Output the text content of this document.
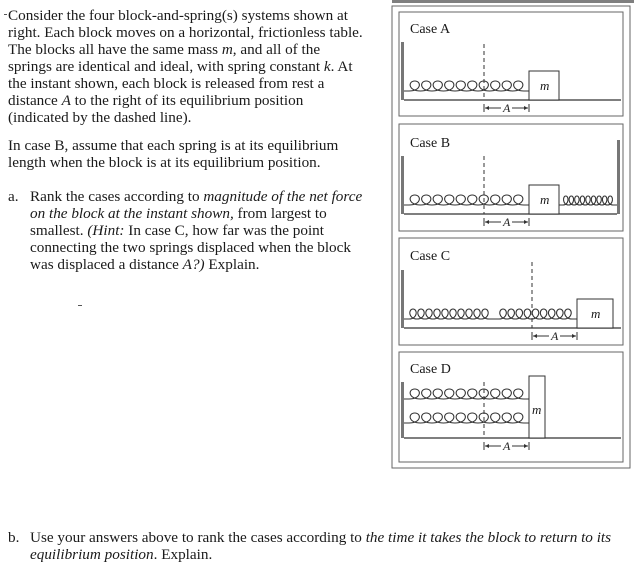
Consider the four block-and-spring(s) systems shown at right. Each block moves on a horizontal, frictionless table. The blocks all have the same mass m, and all of the springs are identical and ideal, with spring constant k. At the instant shown, each block is released from rest a distance A to the right of its equilibrium position (indicated by the dashed line).
In case B, assume that each spring is at its equilibrium length when the block is at its equilibrium position.
a. Rank the cases according to magnitude of the net force on the block at the instant shown, from largest to smallest. (Hint: In case C, how far was the point connecting the two springs displaced when the block was displaced a distance A?) Explain.
b. Use your answers above to rank the cases according to the time it takes the block to return to its equilibrium position. Explain.
Case A
Case B
Case C
Case D
m
A
m
A
m
A
m
A
